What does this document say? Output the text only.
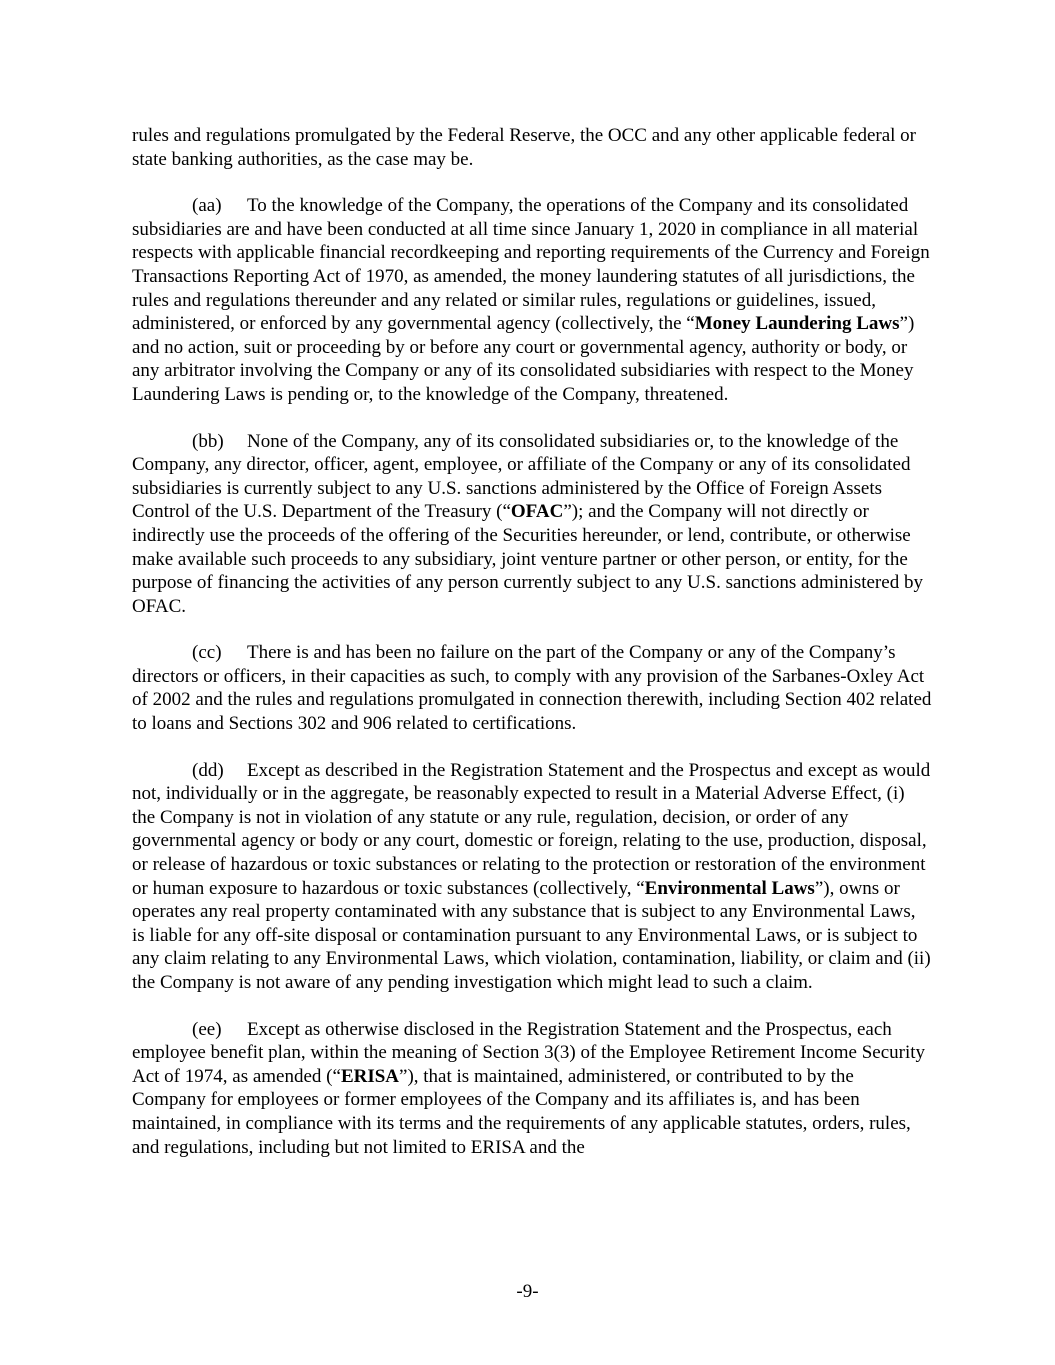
rules and regulations promulgated by the Federal Reserve, the OCC and any other applicable federal or state banking authorities, as the case may be.

(aa) To the knowledge of the Company, the operations of the Company and its consolidated subsidiaries are and have been conducted at all time since January 1, 2020 in compliance in all material respects with applicable financial recordkeeping and reporting requirements of the Currency and Foreign Transactions Reporting Act of 1970, as amended, the money laundering statutes of all jurisdictions, the rules and regulations thereunder and any related or similar rules, regulations or guidelines, issued, administered, or enforced by any governmental agency (collectively, the “Money Laundering Laws”) and no action, suit or proceeding by or before any court or governmental agency, authority or body, or any arbitrator involving the Company or any of its consolidated subsidiaries with respect to the Money Laundering Laws is pending or, to the knowledge of the Company, threatened.

(bb) None of the Company, any of its consolidated subsidiaries or, to the knowledge of the Company, any director, officer, agent, employee, or affiliate of the Company or any of its consolidated subsidiaries is currently subject to any U.S. sanctions administered by the Office of Foreign Assets Control of the U.S. Department of the Treasury (“OFAC”); and the Company will not directly or indirectly use the proceeds of the offering of the Securities hereunder, or lend, contribute, or otherwise make available such proceeds to any subsidiary, joint venture partner or other person, or entity, for the purpose of financing the activities of any person currently subject to any U.S. sanctions administered by OFAC.

(cc) There is and has been no failure on the part of the Company or any of the Company’s directors or officers, in their capacities as such, to comply with any provision of the Sarbanes-Oxley Act of 2002 and the rules and regulations promulgated in connection therewith, including Section 402 related to loans and Sections 302 and 906 related to certifications.

(dd) Except as described in the Registration Statement and the Prospectus and except as would not, individually or in the aggregate, be reasonably expected to result in a Material Adverse Effect, (i) the Company is not in violation of any statute or any rule, regulation, decision, or order of any governmental agency or body or any court, domestic or foreign, relating to the use, production, disposal, or release of hazardous or toxic substances or relating to the protection or restoration of the environment or human exposure to hazardous or toxic substances (collectively, “Environmental Laws”), owns or operates any real property contaminated with any substance that is subject to any Environmental Laws, is liable for any off-site disposal or contamination pursuant to any Environmental Laws, or is subject to any claim relating to any Environmental Laws, which violation, contamination, liability, or claim and (ii) the Company is not aware of any pending investigation which might lead to such a claim.

(ee) Except as otherwise disclosed in the Registration Statement and the Prospectus, each employee benefit plan, within the meaning of Section 3(3) of the Employee Retirement Income Security Act of 1974, as amended (“ERISA”), that is maintained, administered, or contributed to by the Company for employees or former employees of the Company and its affiliates is, and has been maintained, in compliance with its terms and the requirements of any applicable statutes, orders, rules, and regulations, including but not limited to ERISA and the

-9-
